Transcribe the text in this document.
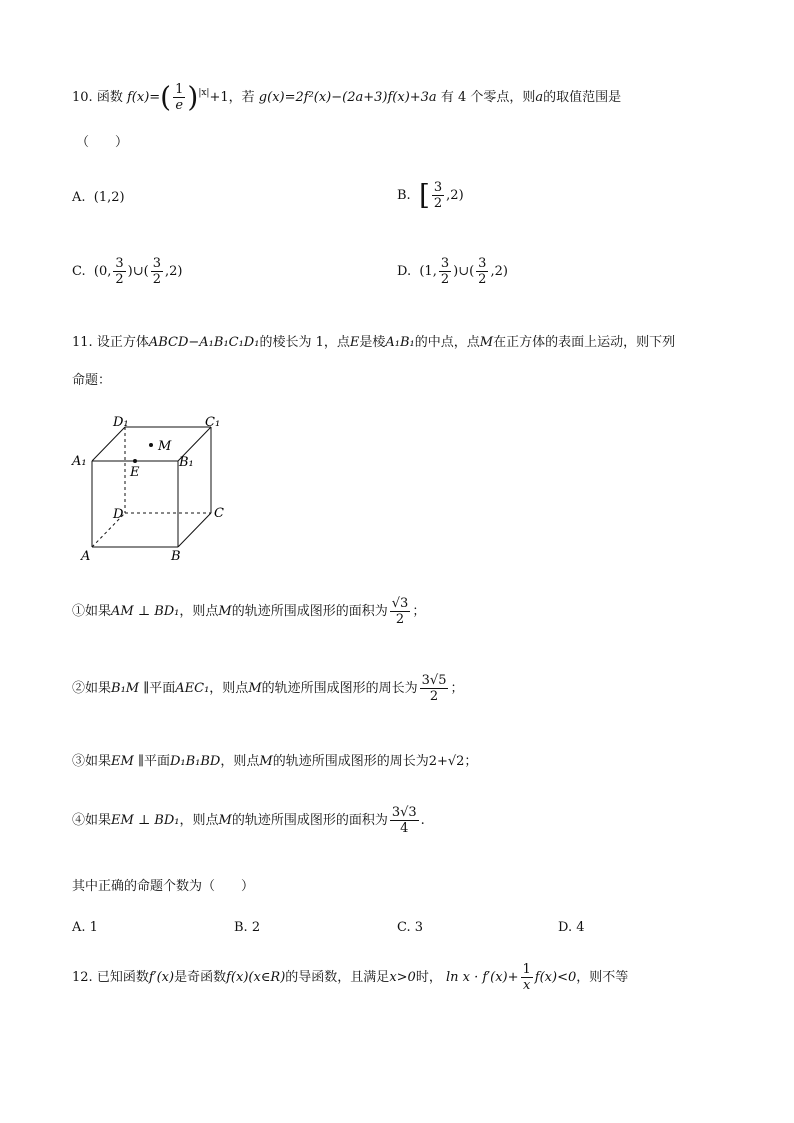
10. 函数 $f(x)=( \frac{1}{e} )^{|x|}+1$，若 g(x)=2f²(x)−(2a+3)f(x)+3a 有 4 个零点，则a的取值范围是
（　　）
A. (1,2)	B. [ $\frac{3}{2} ,2$)
C. (0, $\frac{3}{2}$ )∪( $\frac{3}{2} ,2$)	D. (1, $\frac{3}{2}$ )∪( $\frac{3}{2} ,2$)
11. 设正方体ABCD−A₁B₁C₁D₁的棱长为 1，点E是棱A₁B₁的中点，点M在正方体的表面上运动，则下列
命题：
D₁	C₁
A₁	B₁
E
M
D	C
A	B
①如果AM ⊥ BD₁，则点M的轨迹所围成图形的面积为 $\frac{√3}{2}$ ；
②如果B₁M ∥平面AEC₁，则点M的轨迹所围成图形的周长为 $\frac{3√5}{2}$ ；
③如果EM ∥平面D₁B₁BD，则点M的轨迹所围成图形的周长为2+√2；
④如果EM ⊥ BD₁，则点M的轨迹所围成图形的面积为 $\frac{3√3}{4}$ .
其中正确的命题个数为（　　）
A. 1	B. 2	C. 3	D. 4
12. 已知函数f′(x)是奇函数f(x)(x∈R)的导函数，且满足x>0时， $\ln x \cdot f'(x)+ \frac{1}{x} f(x)<0$，则不等
